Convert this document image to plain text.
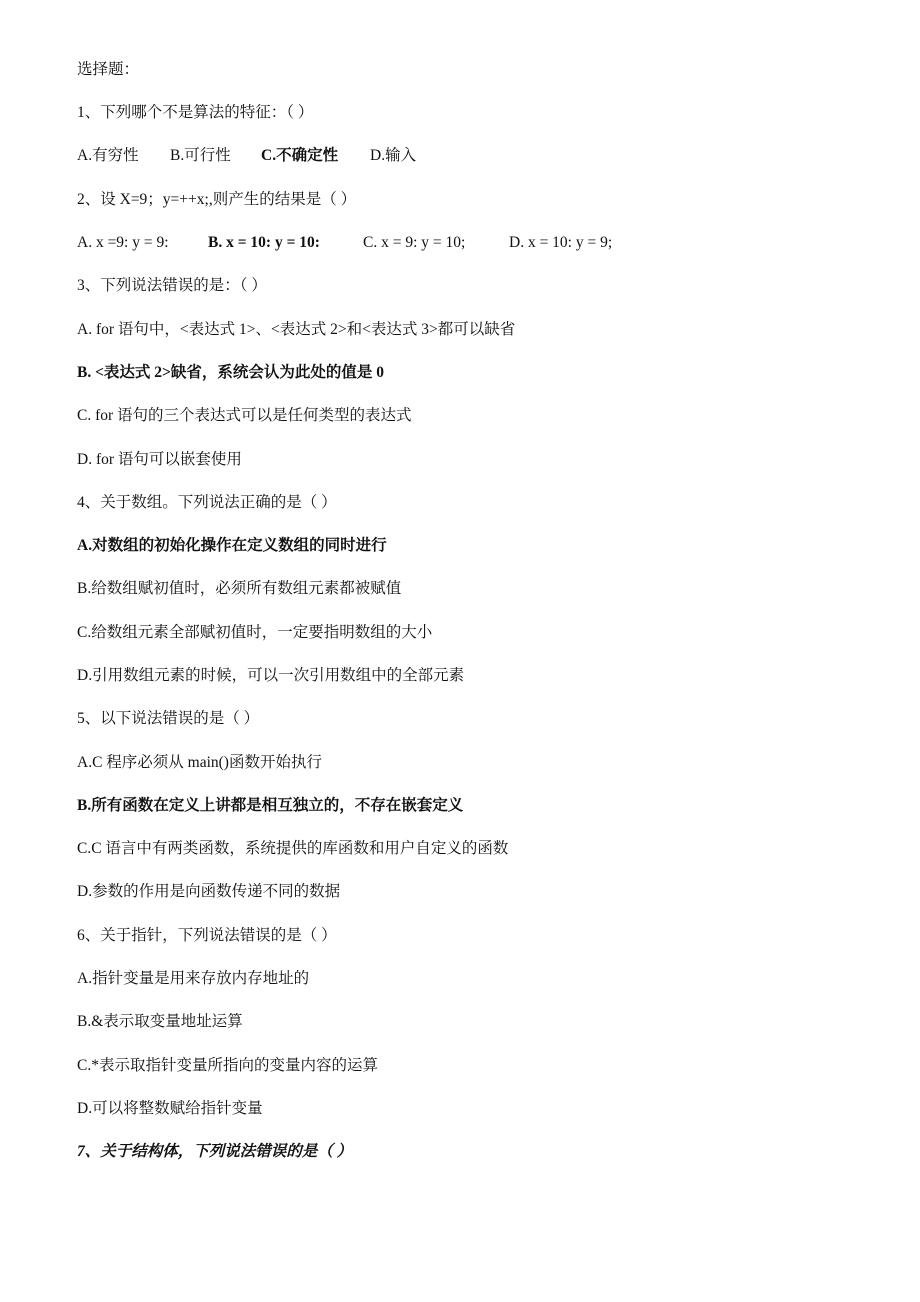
选择题：
1、下列哪个不是算法的特征：（ ）
A.有穷性 B.可行性 C.不确定性 D.输入
2、设 X=9；y=++x;,则产生的结果是（ ）
A. x =9: y = 9:	B. x = 10: y = 10:	C. x = 9: y = 10;	D. x = 10: y = 9;
3、下列说法错误的是：（ ）
A. for 语句中，<表达式 1>、<表达式 2>和<表达式 3>都可以缺省
B. <表达式 2>缺省，系统会认为此处的值是 0
C. for 语句的三个表达式可以是任何类型的表达式
D. for 语句可以嵌套使用
4、关于数组。下列说法正确的是（ ）
A.对数组的初始化操作在定义数组的同时进行
B.给数组赋初值时，必须所有数组元素都被赋值
C.给数组元素全部赋初值时，一定要指明数组的大小
D.引用数组元素的时候，可以一次引用数组中的全部元素
5、以下说法错误的是（ ）
A.C 程序必须从 main()函数开始执行
B.所有函数在定义上讲都是相互独立的，不存在嵌套定义
C.C 语言中有两类函数，系统提供的库函数和用户自定义的函数
D.参数的作用是向函数传递不同的数据
6、关于指针，下列说法错误的是（ ）
A.指针变量是用来存放内存地址的
B.&表示取变量地址运算
C.*表示取指针变量所指向的变量内容的运算
D.可以将整数赋给指针变量
7、关于结构体，下列说法错误的是（ ）
